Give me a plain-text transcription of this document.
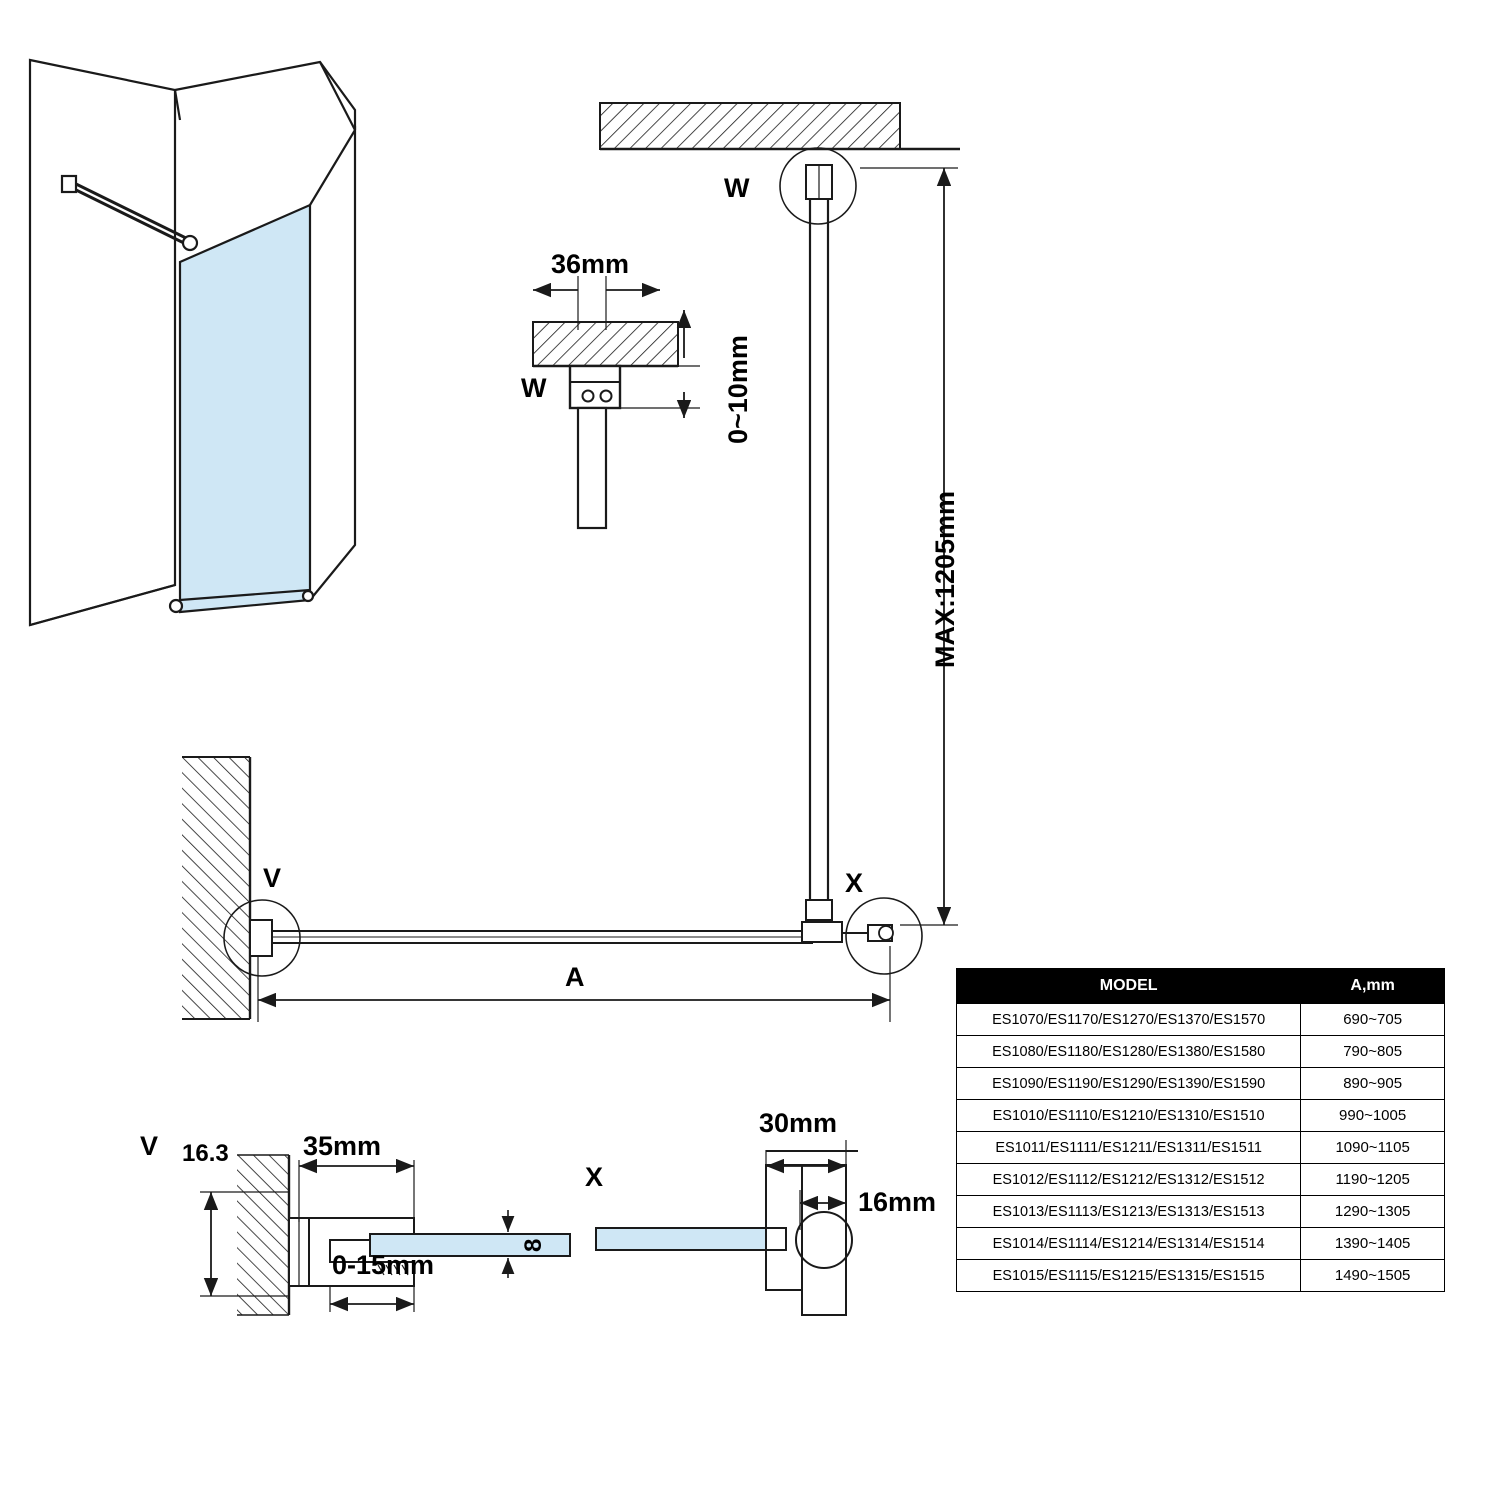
W
W
36mm
0~10mm
MAX:1205mm
V	X
A
V 16.3	35mm
8
0-15mm
X
30mm
16mm
MODEL	A,mm
ES1070/ES1170/ES1270/ES1370/ES1570	690~705
ES1080/ES1180/ES1280/ES1380/ES1580	790~805
ES1090/ES1190/ES1290/ES1390/ES1590	890~905
ES1010/ES1110/ES1210/ES1310/ES1510	990~1005
ES1011/ES1111/ES1211/ES1311/ES1511	1090~1105
ES1012/ES1112/ES1212/ES1312/ES1512	1190~1205
ES1013/ES1113/ES1213/ES1313/ES1513	1290~1305
ES1014/ES1114/ES1214/ES1314/ES1514	1390~1405
ES1015/ES1115/ES1215/ES1315/ES1515	1490~1505
